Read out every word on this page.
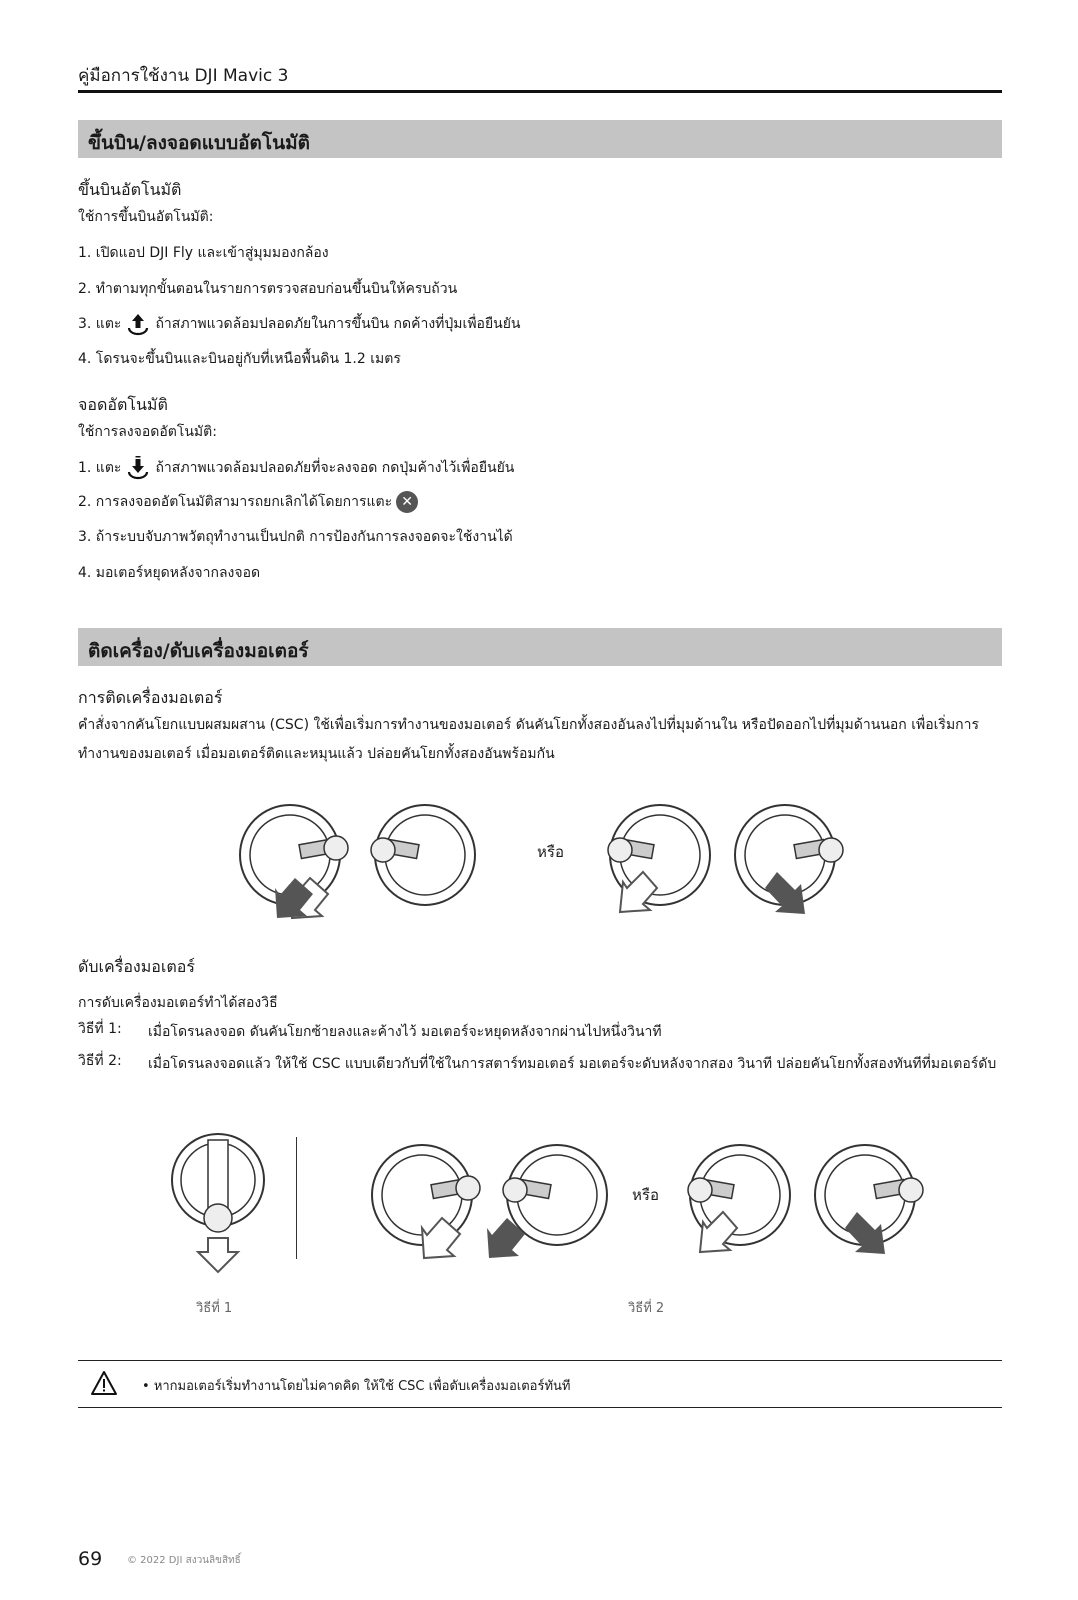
คู่มือการใช้งาน DJI Mavic 3
ขึ้นบิน/ลงจอดแบบอัตโนมัติ
ขึ้นบินอัตโนมัติ
ใช้การขึ้นบินอัตโนมัติ:
1. เปิดแอป DJI Fly และเข้าสู่มุมมองกล้อง
2. ทำตามทุกขั้นตอนในรายการตรวจสอบก่อนขึ้นบินให้ครบถ้วน
3. แตะ ถ้าสภาพแวดล้อมปลอดภัยในการขึ้นบิน กดค้างที่ปุ่มเพื่อยืนยัน
4. โดรนจะขึ้นบินและบินอยู่กับที่เหนือพื้นดิน 1.2 เมตร
จอดอัตโนมัติ
ใช้การลงจอดอัตโนมัติ:
1. แตะ ถ้าสภาพแวดล้อมปลอดภัยที่จะลงจอด กดปุ่มค้างไว้เพื่อยืนยัน
2. การลงจอดอัตโนมัติสามารถยกเลิกได้โดยการแตะ ✕
3. ถ้าระบบจับภาพวัตถุทำงานเป็นปกติ การป้องกันการลงจอดจะใช้งานได้
4. มอเตอร์หยุดหลังจากลงจอด
ติดเครื่อง/ดับเครื่องมอเตอร์
การติดเครื่องมอเตอร์
คำสั่งจากคันโยกแบบผสมผสาน (CSC) ใช้เพื่อเริ่มการทำงานของมอเตอร์ ดันคันโยกทั้งสองอันลงไปที่มุมด้านใน หรือปัดออกไปที่มุมด้านนอก เพื่อเริ่มการทำงานของมอเตอร์ เมื่อมอเตอร์ติดและหมุนแล้ว ปล่อยคันโยกทั้งสองอันพร้อมกัน
หรือ
ดับเครื่องมอเตอร์
การดับเครื่องมอเตอร์ทำได้สองวิธี
วิธีที่ 1:	เมื่อโดรนลงจอด ดันคันโยกซ้ายลงและค้างไว้ มอเตอร์จะหยุดหลังจากผ่านไปหนึ่งวินาที
วิธีที่ 2:	เมื่อโดรนลงจอดแล้ว ให้ใช้ CSC แบบเดียวกับที่ใช้ในการสตาร์ทมอเตอร์ มอเตอร์จะดับหลังจากสอง วินาที ปล่อยคันโยกทั้งสองทันทีที่มอเตอร์ดับ
หรือ
วิธีที่ 1	วิธีที่ 2
• หากมอเตอร์เริ่มทำงานโดยไม่คาดคิด ให้ใช้ CSC เพื่อดับเครื่องมอเตอร์ทันที
69 © 2022 DJI สงวนลิขสิทธิ์
